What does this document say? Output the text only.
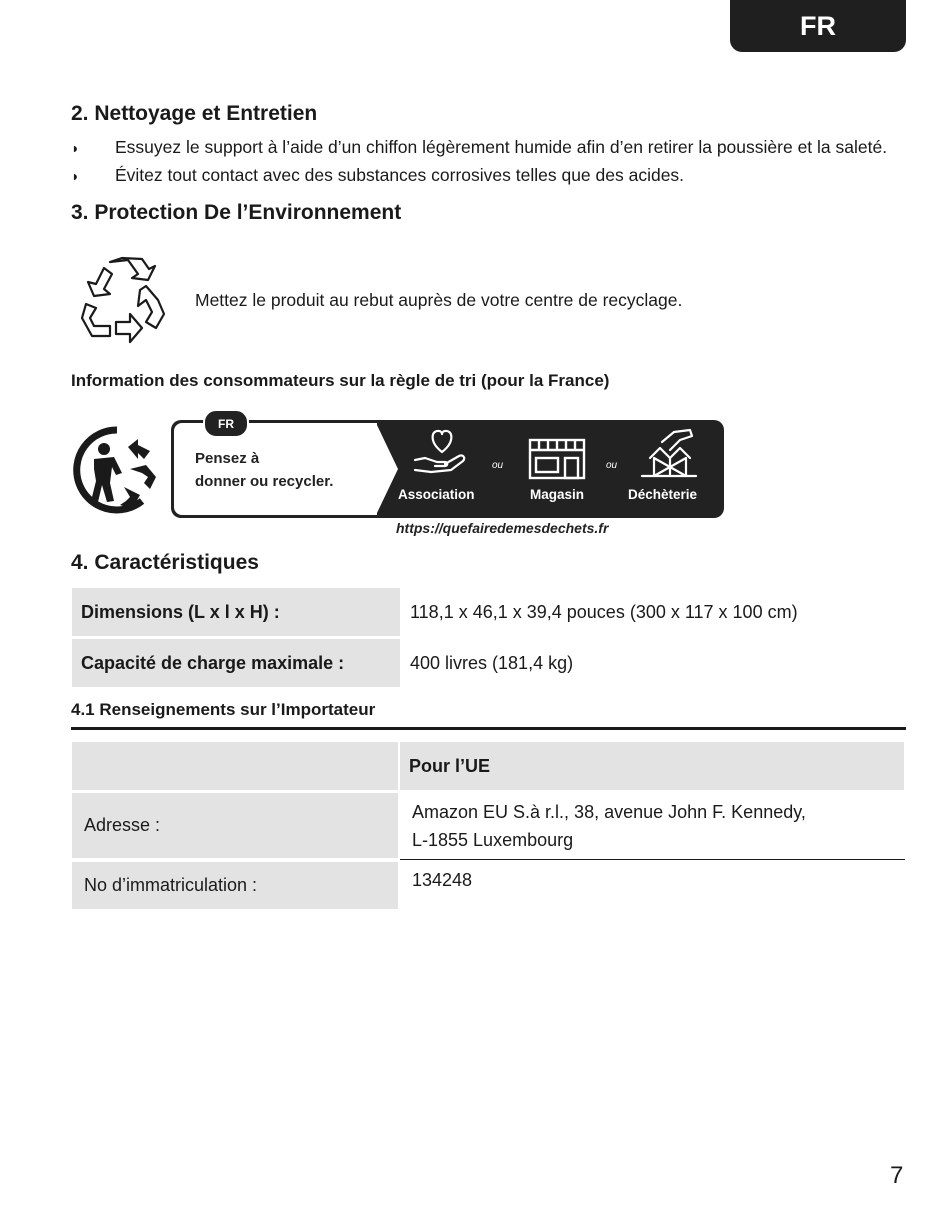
FR
2. Nettoyage et Entretien
◗	Essuyez le support à l’aide d’un chiffon légèrement humide afin d’en retirer la poussière et la saleté.
◗	Évitez tout contact avec des substances corrosives telles que des acides.
3. Protection De l’Environnement
Mettez le produit au rebut auprès de votre centre de recyclage.
Information des consommateurs sur la règle de tri (pour la France)
Pensez à
donner ou recycler.
FR
ou	ou
Association	Magasin	Déchèterie
https://quefairedemesdechets.fr
4. Caractéristiques
Dimensions (L x l x H) :	118,1 x 46,1 x 39,4 pouces (300 x 117 x 100 cm)
Capacité de charge maximale :	400 livres (181,4 kg)
4.1 Renseignements sur l’Importateur
Pour l’UE
Adresse :
Amazon EU S.à r.l., 38, avenue John F. Kennedy,
L-1855 Luxembourg
No d’immatriculation :	134248
7
